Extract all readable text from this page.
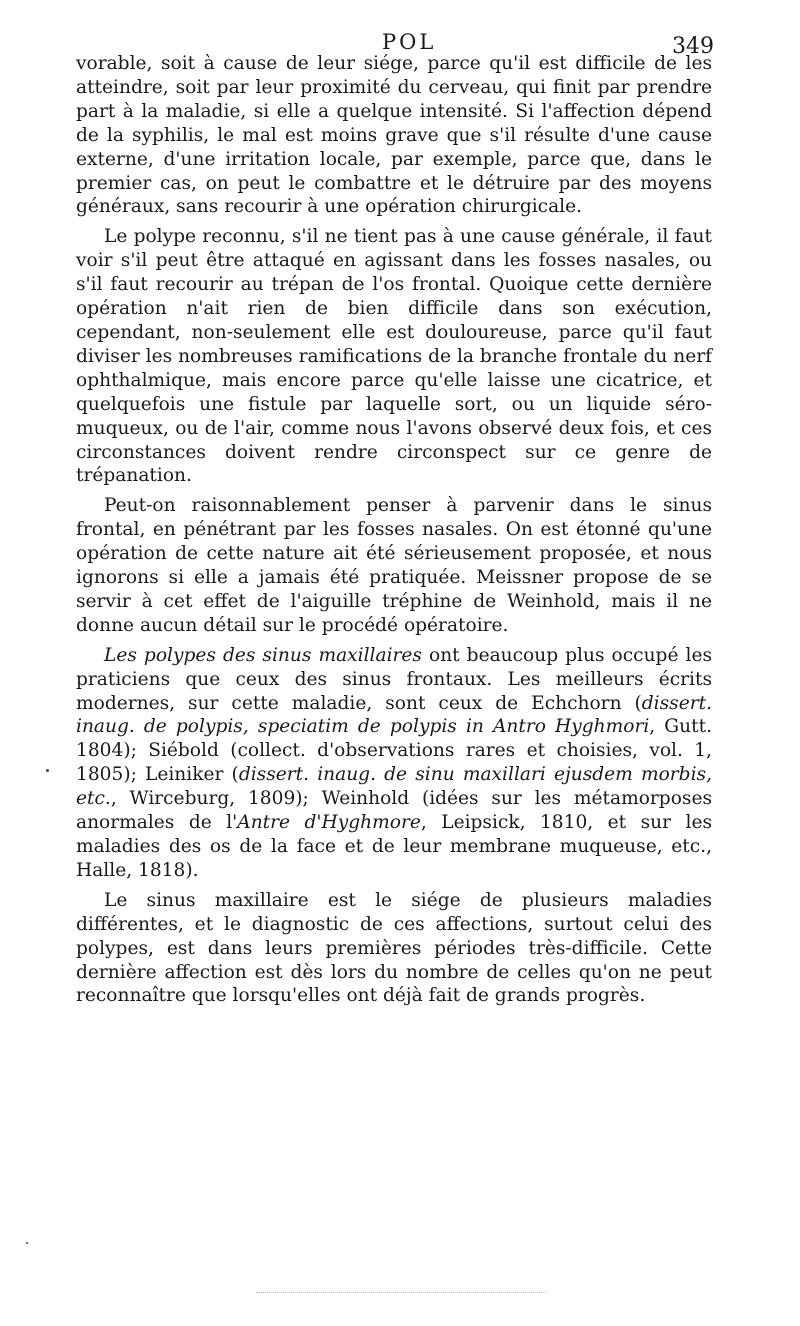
POL	349

vorable, soit à cause de leur siége, parce qu'il est difficile de les atteindre, soit par leur proximité du cerveau, qui finit par prendre part à la maladie, si elle a quelque intensité. Si l'affection dépend de la syphilis, le mal est moins grave que s'il résulte d'une cause externe, d'une irritation locale, par exemple, parce que, dans le premier cas, on peut le combattre et le détruire par des moyens généraux, sans recourir à une opération chirurgicale.

Le polype reconnu, s'il ne tient pas à une cause générale, il faut voir s'il peut être attaqué en agissant dans les fosses nasales, ou s'il faut recourir au trépan de l'os frontal. Quoique cette dernière opération n'ait rien de bien difficile dans son exécution, cependant, non-seulement elle est douloureuse, parce qu'il faut diviser les nombreuses ramifications de la branche frontale du nerf ophthalmique, mais encore parce qu'elle laisse une cicatrice, et quelquefois une fistule par laquelle sort, ou un liquide séro-muqueux, ou de l'air, comme nous l'avons observé deux fois, et ces circonstances doivent rendre circonspect sur ce genre de trépanation.

Peut-on raisonnablement penser à parvenir dans le sinus frontal, en pénétrant par les fosses nasales. On est étonné qu'une opération de cette nature ait été sérieusement proposée, et nous ignorons si elle a jamais été pratiquée. Meissner propose de se servir à cet effet de l'aiguille tréphine de Weinhold, mais il ne donne aucun détail sur le procédé opératoire.

Les polypes des sinus maxillaires ont beaucoup plus occupé les praticiens que ceux des sinus frontaux. Les meilleurs écrits modernes, sur cette maladie, sont ceux de Echchorn (dissert. inaug. de polypis, speciatim de polypis in Antro Hyghmori, Gutt. 1804); Siébold (collect. d'observations rares et choisies, vol. 1, 1805); Leiniker (dissert. inaug. de sinu maxillari ejusdem morbis, etc., Wirceburg, 1809); Weinhold (idées sur les métamorposes anormales de l'Antre d'Hyghmore, Leipsick, 1810, et sur les maladies des os de la face et de leur membrane muqueuse, etc., Halle, 1818).

Le sinus maxillaire est le siége de plusieurs maladies différentes, et le diagnostic de ces affections, surtout celui des polypes, est dans leurs premières périodes très-difficile. Cette dernière affection est dès lors du nombre de celles qu'on ne peut reconnaître que lorsqu'elles ont déjà fait de grands progrès.
